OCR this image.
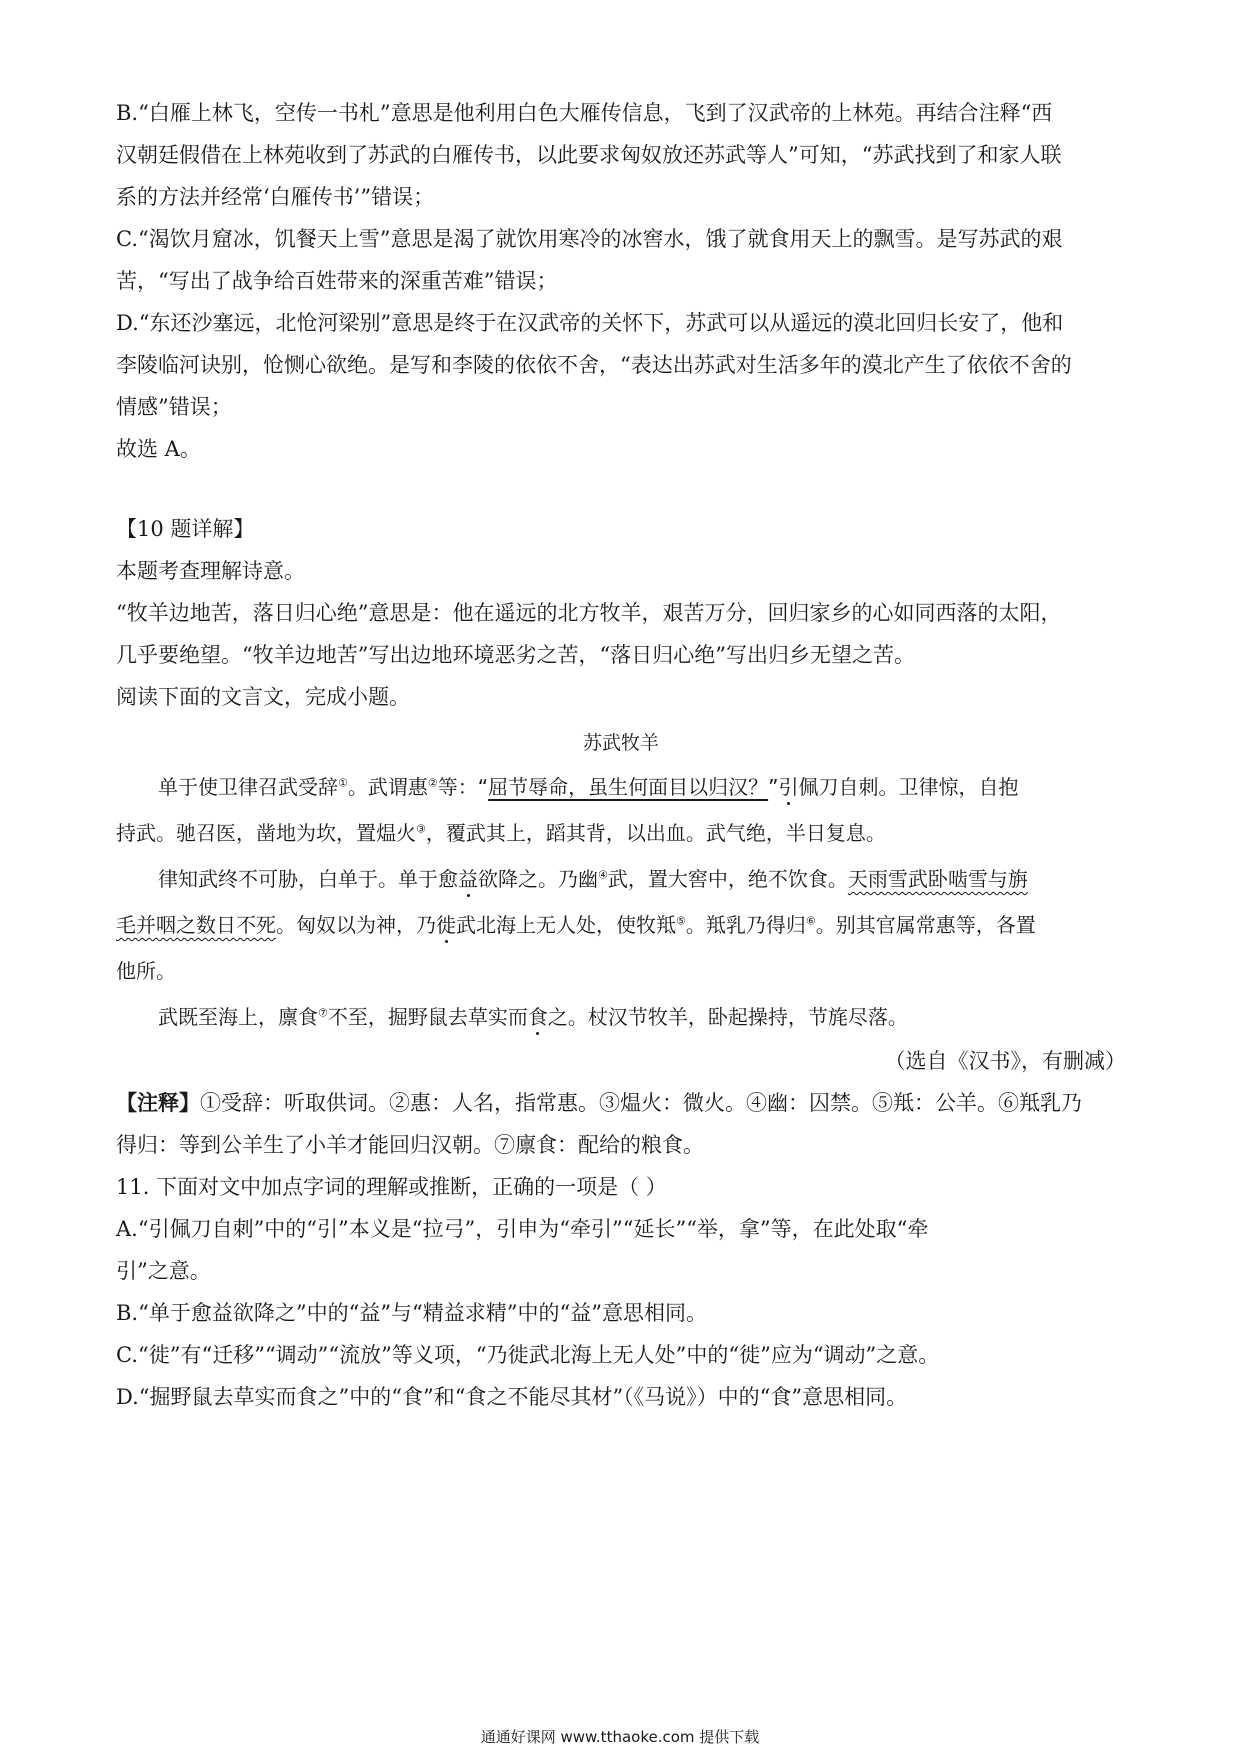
B.“白雁上林飞，空传一书札”意思是他利用白色大雁传信息，飞到了汉武帝的上林苑。再结合注释“西

汉朝廷假借在上林苑收到了苏武的白雁传书，以此要求匈奴放还苏武等人”可知，“苏武找到了和家人联

系的方法并经常‘白雁传书’”错误；

C.“渴饮月窟冰，饥餐天上雪”意思是渴了就饮用寒冷的冰窖水，饿了就食用天上的飘雪。是写苏武的艰

苦，“写出了战争给百姓带来的深重苦难”错误；

D.“东还沙塞远，北怆河梁别”意思是终于在汉武帝的关怀下，苏武可以从遥远的漠北回归长安了，他和

李陵临河诀别，怆恻心欲绝。是写和李陵的依依不舍，“表达出苏武对生活多年的漠北产生了依依不舍的

情感”错误；

故选 A。

【10 题详解】

本题考查理解诗意。

“牧羊边地苦，落日归心绝”意思是：他在遥远的北方牧羊，艰苦万分，回归家乡的心如同西落的太阳，

几乎要绝望。“牧羊边地苦”写出边地环境恶劣之苦，“落日归心绝”写出归乡无望之苦。

阅读下面的文言文，完成小题。

苏武牧羊

单于使卫律召武受辞①。武谓惠②等：“屈节辱命，虽生何面目以归汉？”引佩刀自刺。卫律惊，自抱

持武。驰召医，凿地为坎，置煴火③，覆武其上，蹈其背，以出血。武气绝，半日复息。

律知武终不可胁，白单于。单于愈益欲降之。乃幽④武，置大窖中，绝不饮食。天雨雪武卧啮雪与旃

毛并咽之数日不死。匈奴以为神，乃徙武北海上无人处，使牧羝⑤。羝乳乃得归⑥。别其官属常惠等，各置

他所。

武既至海上，廪食⑦不至，掘野鼠去草实而食之。杖汉节牧羊，卧起操持，节旄尽落。

（选自《汉书》，有删减）

【注释】①受辞：听取供词。②惠：人名，指常惠。③煴火：微火。④幽：囚禁。⑤羝：公羊。⑥羝乳乃

得归：等到公羊生了小羊才能回归汉朝。⑦廪食：配给的粮食。

11. 下面对文中加点字词的理解或推断，正确的一项是（ ）

A.“引佩刀自刺”中的“引”本义是“拉弓”，引申为“牵引”“延长”“举，拿”等，在此处取“牵

引”之意。

B.“单于愈益欲降之”中的“益”与“精益求精”中的“益”意思相同。

C.“徙”有“迁移”“调动”“流放”等义项，“乃徙武北海上无人处”中的“徙”应为“调动”之意。

D.“掘野鼠去草实而食之”中的“食”和“食之不能尽其材”（《马说》）中的“食”意思相同。

通通好课网 www.tthaoke.com 提供下载
